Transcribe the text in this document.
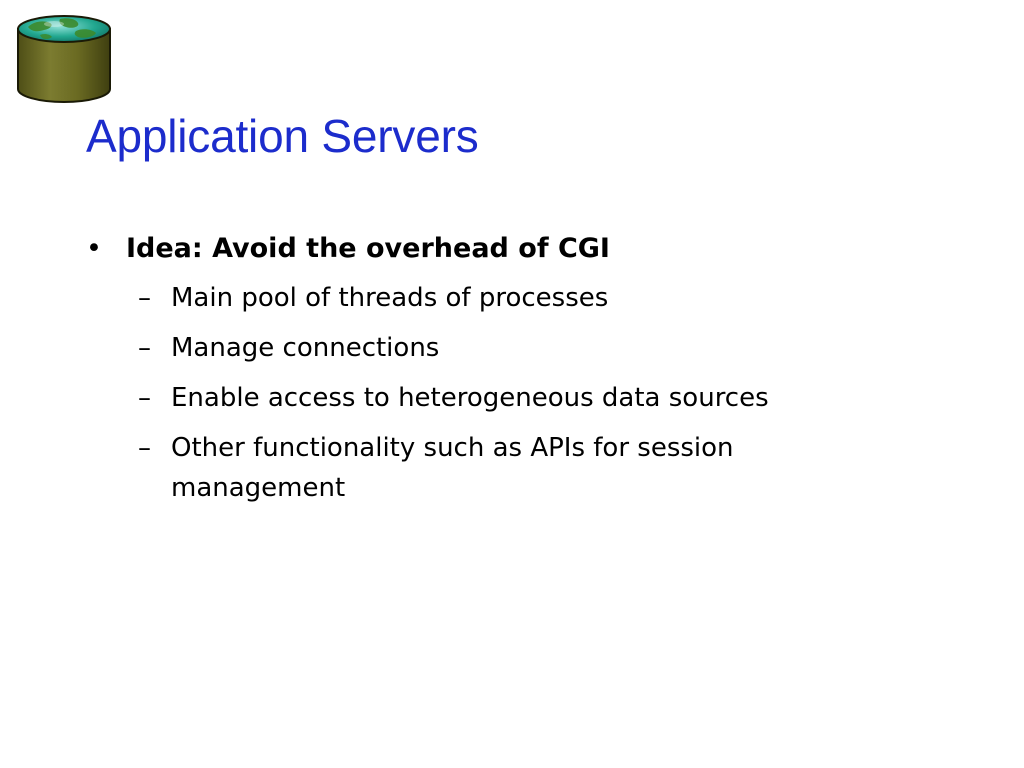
Application Servers
• Idea: Avoid the overhead of CGI
– Main pool of threads of processes
– Manage connections
– Enable access to heterogeneous data sources
– Other functionality such as APIs for session management
